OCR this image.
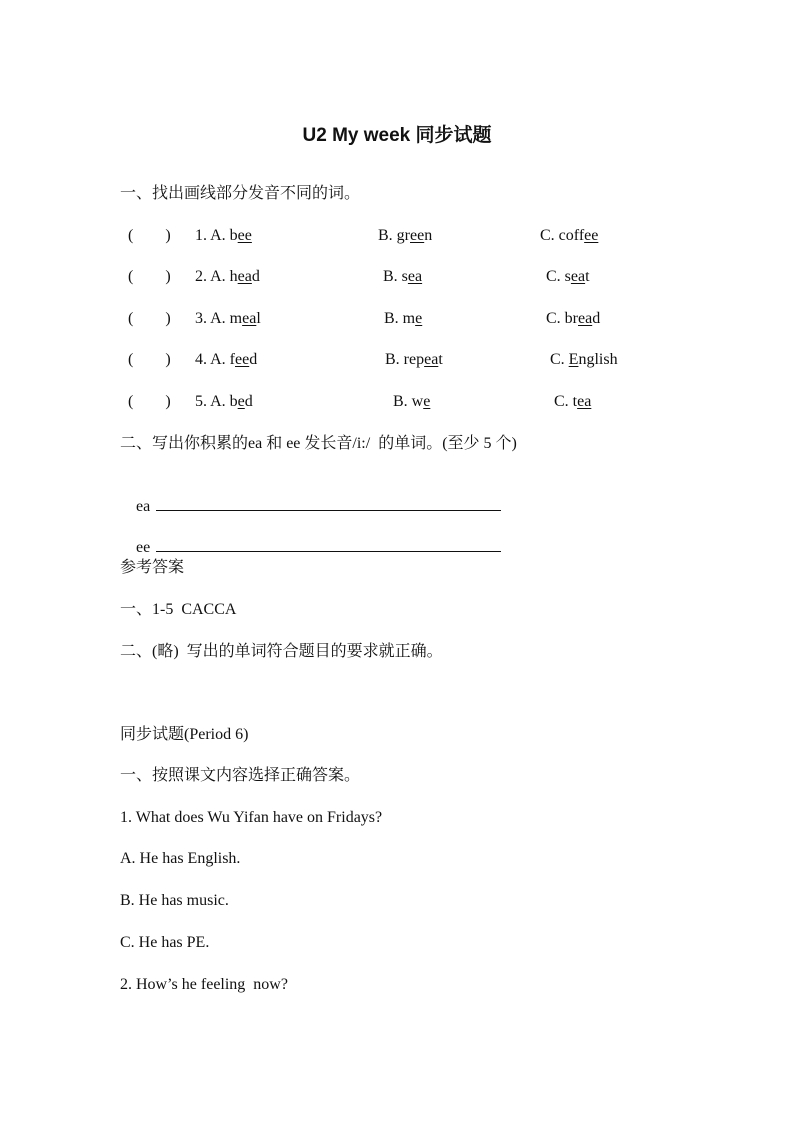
U2 My week 同步试题
一、找出画线部分发音不同的词。
(        ) 1. A. bee	B. green	C. coffee
(        ) 2. A. head	B. sea	C. seat
(        ) 3. A. meal	B. me	C. bread
(        ) 4. A. feed	B. repeat	C. English
(        ) 5. A. bed	B. we	C. tea
二、写出你积累的ea 和 ee 发长音/i:/  的单词。(至少 5 个)

ea

ee

参考答案
一、1-5  CACCA
二、(略)  写出的单词符合题目的要求就正确。
同步试题(Period 6)
一、按照课文内容选择正确答案。
1. What does Wu Yifan have on Fridays?
A. He has English.
B. He has music.
C. He has PE.
2. How’s he feeling  now?
